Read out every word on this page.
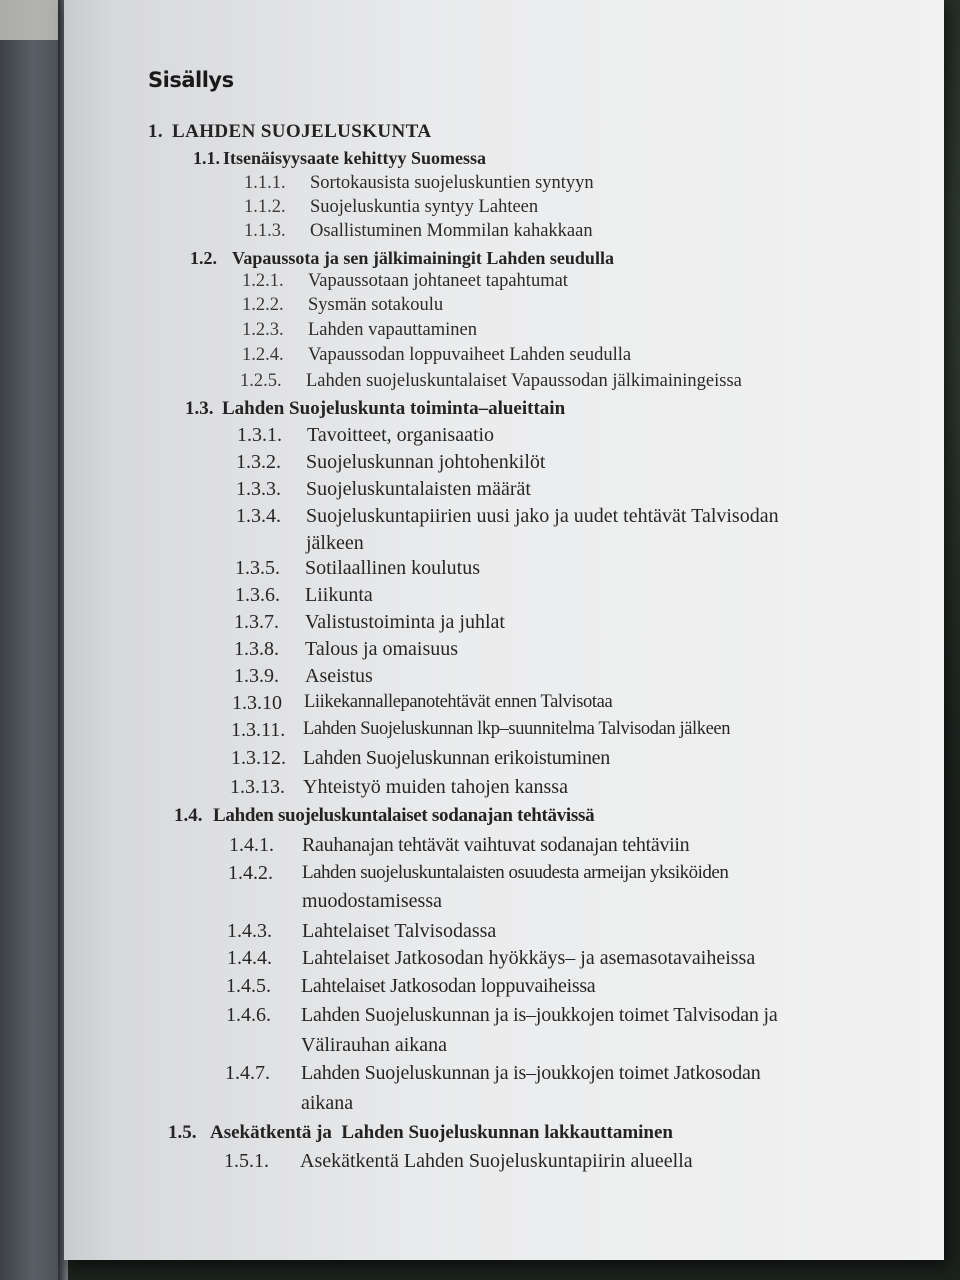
Sisällys
1. LAHDEN SUOJELUSKUNTA
1.1. Itsenäisyysaate kehittyy Suomessa
1.1.1. Sortokausista suojeluskuntien syntyyn
1.1.2. Suojeluskuntia syntyy Lahteen
1.1.3. Osallistuminen Mommilan kahakkaan
1.2. Vapaussota ja sen jälkimainingit Lahden seudulla
1.2.1. Vapaussotaan johtaneet tapahtumat
1.2.2. Sysmän sotakoulu
1.2.3. Lahden vapauttaminen
1.2.4. Vapaussodan loppuvaiheet Lahden seudulla
1.2.5. Lahden suojeluskuntalaiset Vapaussodan jälkimainingeissa
1.3. Lahden Suojeluskunta toiminta–alueittain
1.3.1. Tavoitteet, organisaatio
1.3.2. Suojeluskunnan johtohenkilöt
1.3.3. Suojeluskuntalaisten määrät
1.3.4. Suojeluskuntapiirien uusi jako ja uudet tehtävät Talvisodan
jälkeen
1.3.5. Sotilaallinen koulutus
1.3.6. Liikunta
1.3.7. Valistustoiminta ja juhlat
1.3.8. Talous ja omaisuus
1.3.9. Aseistus
1.3.10 Liikekannallepanotehtävät ennen Talvisotaa
1.3.11. Lahden Suojeluskunnan lkp–suunnitelma Talvisodan jälkeen
1.3.12. Lahden Suojeluskunnan erikoistuminen
1.3.13. Yhteistyö muiden tahojen kanssa
1.4. Lahden suojeluskuntalaiset sodanajan tehtävissä
1.4.1. Rauhanajan tehtävät vaihtuvat sodanajan tehtäviin
1.4.2. Lahden suojeluskuntalaisten osuudesta armeijan yksiköiden
muodostamisessa
1.4.3. Lahtelaiset Talvisodassa
1.4.4. Lahtelaiset Jatkosodan hyökkäys– ja asemasotavaiheissa
1.4.5. Lahtelaiset Jatkosodan loppuvaiheissa
1.4.6. Lahden Suojeluskunnan ja is–joukkojen toimet Talvisodan ja
Välirauhan aikana
1.4.7. Lahden Suojeluskunnan ja is–joukkojen toimet Jatkosodan
aikana
1.5. Asekätkentä ja  Lahden Suojeluskunnan lakkauttaminen
1.5.1. Asekätkentä Lahden Suojeluskuntapiirin alueella
